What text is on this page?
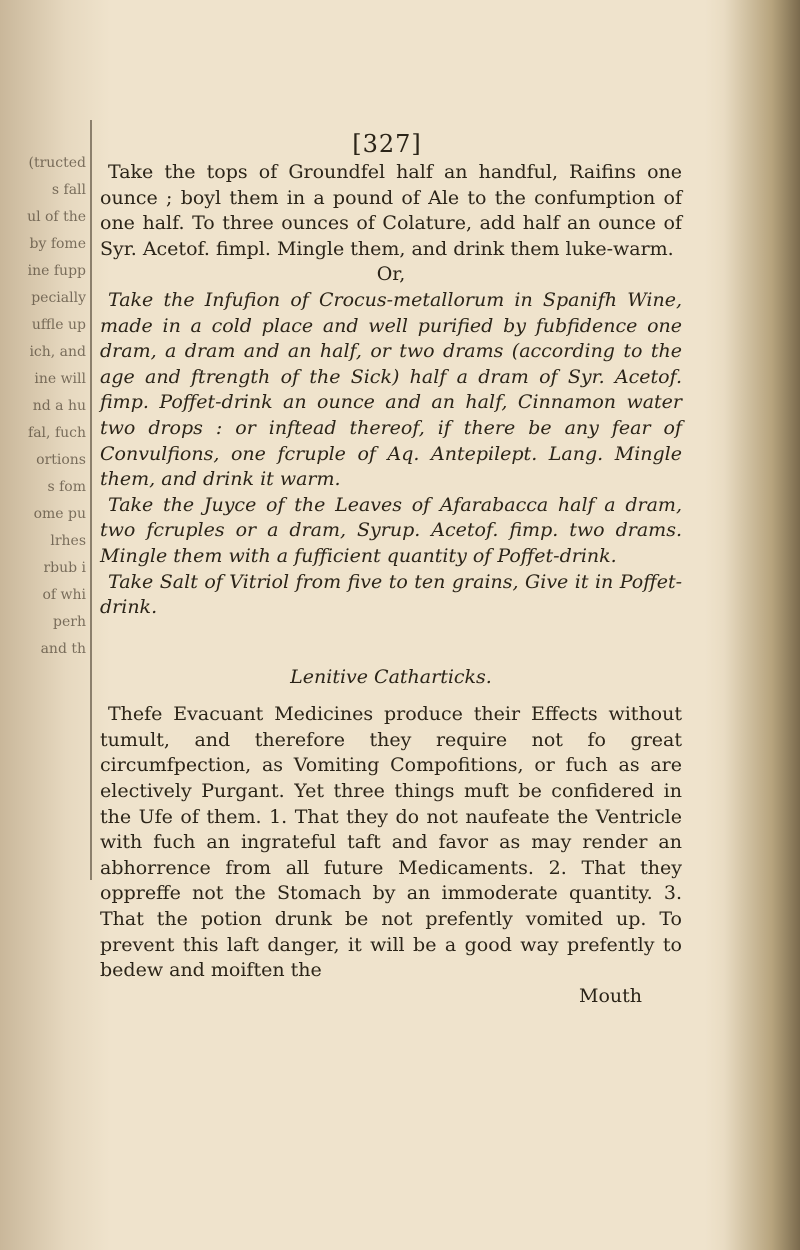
(tructed
s fall
ul of the
by fome
ine fupp
pecially
uffle up
ich, and
ine will
nd a hu
fal, fuch
ortions
s fom
ome pu
lrhes
rbub i
of whi
perh
and th
[327]

Take the tops of Groundfel half an handful, Raifins one ounce ; boyl them in a pound of Ale to the confumption of one half. To three ounces of Colature, add half an ounce of Syr. Acetof. fimpl. Mingle them, and drink them luke-warm.

Or,

Take the Infufion of Crocus-metallorum in Spanifh Wine, made in a cold place and well purified by fubfidence one dram, a dram and an half, or two drams (according to the age and ftrength of the Sick) half a dram of Syr. Acetof. fimp. Poffet-drink an ounce and an half, Cinnamon water two drops : or inftead thereof, if there be any fear of Convulfions, one fcruple of Aq. Antepilept. Lang. Mingle them, and drink it warm.

Take the Juyce of the Leaves of Afarabacca half a dram, two fcruples or a dram, Syrup. Acetof. fimp. two drams. Mingle them with a fufficient quantity of Poffet-drink.

Take Salt of Vitriol from five to ten grains, Give it in Poffet-drink.

Lenitive Catharticks.

Thefe Evacuant Medicines produce their Effects without tumult, and therefore they require not fo great circumfpection, as Vomiting Compofitions, or fuch as are electively Purgant. Yet three things muft be confidered in the Ufe of them. 1. That they do not naufeate the Ventricle with fuch an ingrateful taft and favor as may render an abhorrence from all future Medicaments. 2. That they oppreffe not the Stomach by an immoderate quantity. 3. That the potion drunk be not prefently vomited up. To prevent this laft danger, it will be a good way prefently to bedew and moiften the

Mouth
